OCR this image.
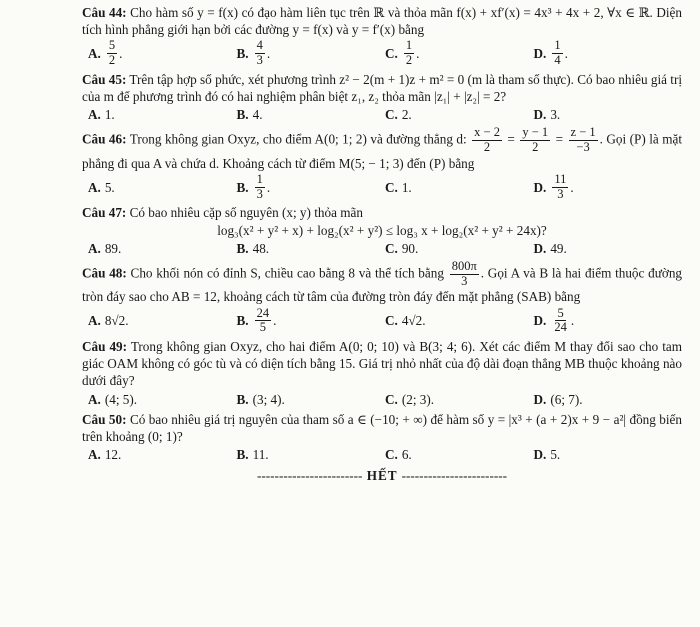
Câu 44: Cho hàm số y = f(x) có đạo hàm liên tục trên ℝ và thỏa mãn f(x) + xf′(x) = 4x³ + 4x + 2, ∀x ∈ ℝ. Diện tích hình phẳng giới hạn bởi các đường y = f(x) và y = f′(x) bằng
A. $\frac{5}{2}$ .	B. $\frac{4}{3}$ .	C. $\frac{1}{2}$ .	D. $\frac{1}{4}$ .
Câu 45: Trên tập hợp số phức, xét phương trình z² − 2(m + 1)z + m² = 0 (m là tham số thực). Có bao nhiêu giá trị của m để phương trình đó có hai nghiệm phân biệt z₁, z₂ thỏa mãn |z₁| + |z₂| = 2?
A. 1.	B. 4.	C. 2.	D. 3.
Câu 46: Trong không gian Oxyz, cho điểm A(0; 1; 2) và đường thẳng d: $\frac{x - 2}{2} = \frac{y - 1}{2} = \frac{z - 1}{-3}$ . Gọi (P) là mặt phẳng đi qua A và chứa d. Khoảng cách từ điểm M(5; − 1; 3) đến (P) bằng
A. 5.	B. $\frac{1}{3}$ .	C. 1.	D. $\frac{11}{3}$ .
Câu 47: Có bao nhiêu cặp số nguyên (x; y) thỏa mãn
log₃(x² + y² + x) + log₂(x² + y²) ≤ log₃ x + log₂(x² + y² + 24x)?
A. 89.	B. 48.	C. 90.	D. 49.
Câu 48: Cho khối nón có đỉnh S, chiều cao bằng 8 và thể tích bằng $\frac{800\pi}{3}$ . Gọi A và B là hai điểm thuộc đường tròn đáy sao cho AB = 12, khoảng cách từ tâm của đường tròn đáy đến mặt phẳng (SAB) bằng
A. 8√2.	B. $\frac{24}{5}$ .	C. 4√2.	D. $\frac{5}{24}$ .
Câu 49: Trong không gian Oxyz, cho hai điểm A(0; 0; 10) và B(3; 4; 6). Xét các điểm M thay đổi sao cho tam giác OAM không có góc tù và có diện tích bằng 15. Giá trị nhỏ nhất của độ dài đoạn thẳng MB thuộc khoảng nào dưới đây?
A. (4; 5).	B. (3; 4).	C. (2; 3).	D. (6; 7).
Câu 50: Có bao nhiêu giá trị nguyên của tham số a ∈ (−10; + ∞) để hàm số y = |x³ + (a + 2)x + 9 − a²| đồng biến trên khoảng (0; 1)?
A. 12.	B. 11.	C. 6.	D. 5.
------------------------ HẾT ------------------------
